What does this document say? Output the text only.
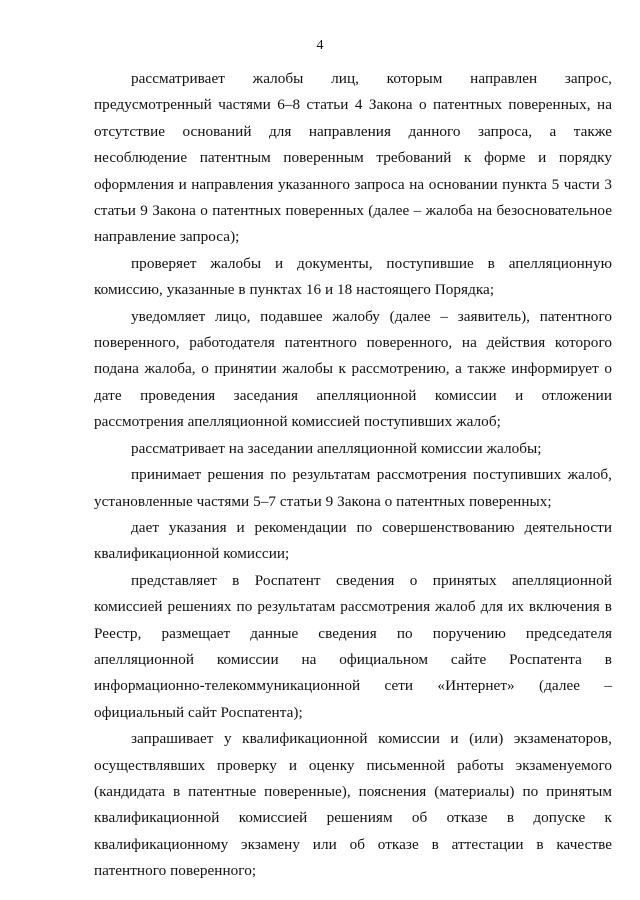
4

рассматривает жалобы лиц, которым направлен запрос, предусмотренный частями 6–8 статьи 4 Закона о патентных поверенных, на отсутствие оснований для направления данного запроса, а также несоблюдение патентным поверенным требований к форме и порядку оформления и направления указанного запроса на основании пункта 5 части 3 статьи 9 Закона о патентных поверенных (далее – жалоба на безосновательное направление запроса);

проверяет жалобы и документы, поступившие в апелляционную комиссию, указанные в пунктах 16 и 18 настоящего Порядка;

уведомляет лицо, подавшее жалобу (далее – заявитель), патентного поверенного, работодателя патентного поверенного, на действия которого подана жалоба, о принятии жалобы к рассмотрению, а также информирует о дате проведения заседания апелляционной комиссии и отложении рассмотрения апелляционной комиссией поступивших жалоб;

рассматривает на заседании апелляционной комиссии жалобы;

принимает решения по результатам рассмотрения поступивших жалоб, установленные частями 5–7 статьи 9 Закона о патентных поверенных;

дает указания и рекомендации по совершенствованию деятельности квалификационной комиссии;

представляет в Роспатент сведения о принятых апелляционной комиссией решениях по результатам рассмотрения жалоб для их включения в Реестр, размещает данные сведения по поручению председателя апелляционной комиссии на официальном сайте Роспатента в информационно-телекоммуникационной сети «Интернет» (далее – официальный сайт Роспатента);

запрашивает у квалификационной комиссии и (или) экзаменаторов, осуществлявших проверку и оценку письменной работы экзаменуемого (кандидата в патентные поверенные), пояснения (материалы) по принятым квалификационной комиссией решениям об отказе в допуске к квалификационному экзамену или об отказе в аттестации в качестве патентного поверенного;
